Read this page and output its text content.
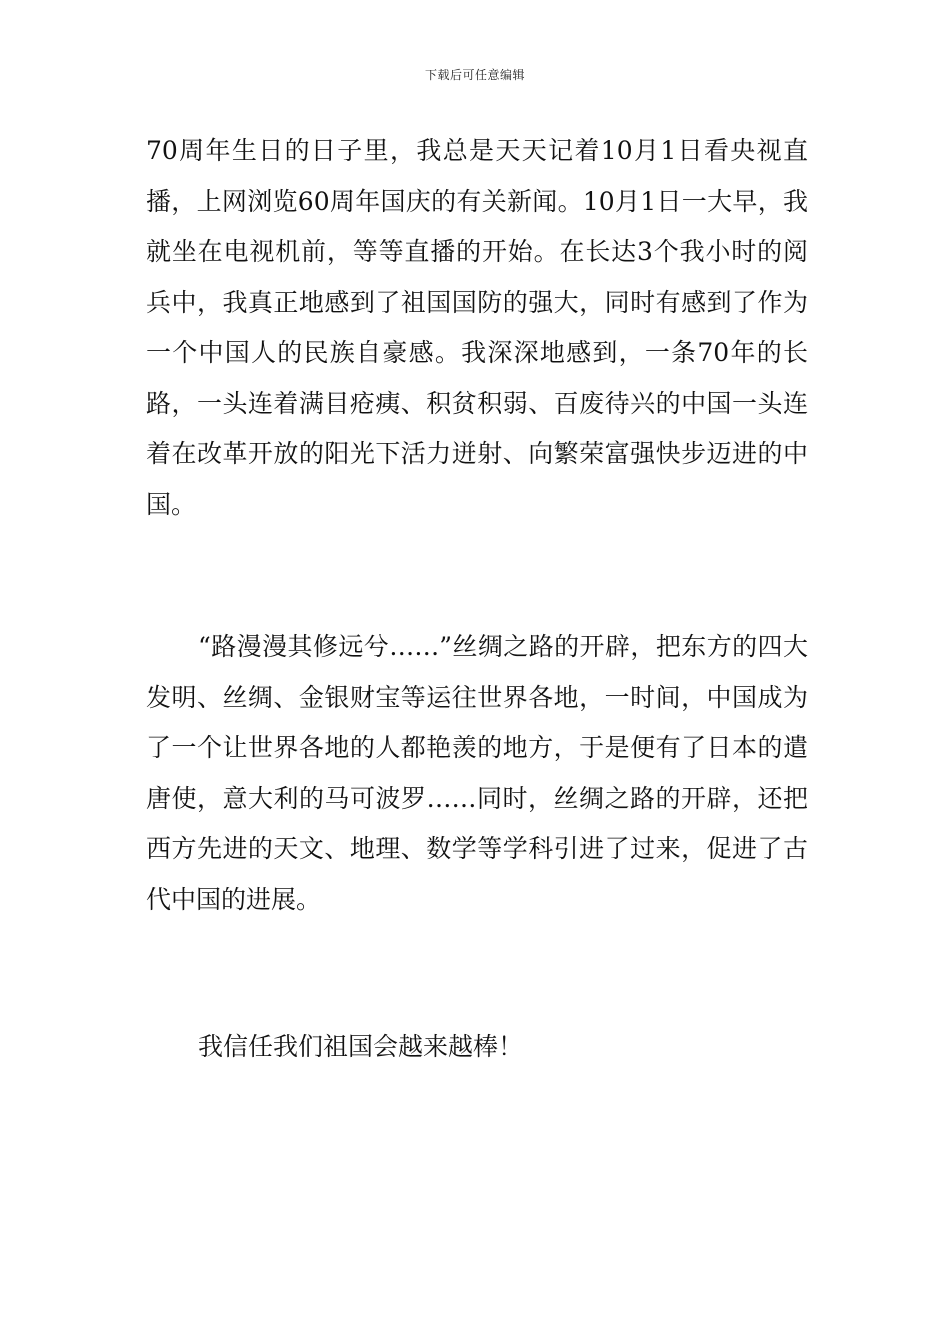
下载后可任意编辑

70周年生日的日子里，我总是天天记着10月1日看央视直播，上网浏览60周年国庆的有关新闻。10月1日一大早，我就坐在电视机前，等等直播的开始。在长达3个我小时的阅兵中，我真正地感到了祖国国防的强大，同时有感到了作为一个中国人的民族自豪感。我深深地感到，一条70年的长路，一头连着满目疮痍、积贫积弱、百废待兴的中国一头连着在改革开放的阳光下活力迸射、向繁荣富强快步迈进的中国。

“路漫漫其修远兮……”丝绸之路的开辟，把东方的四大发明、丝绸、金银财宝等运往世界各地，一时间，中国成为了一个让世界各地的人都艳羡的地方，于是便有了日本的遣唐使，意大利的马可波罗……同时，丝绸之路的开辟，还把西方先进的天文、地理、数学等学科引进了过来，促进了古代中国的进展。

我信任我们祖国会越来越棒！
